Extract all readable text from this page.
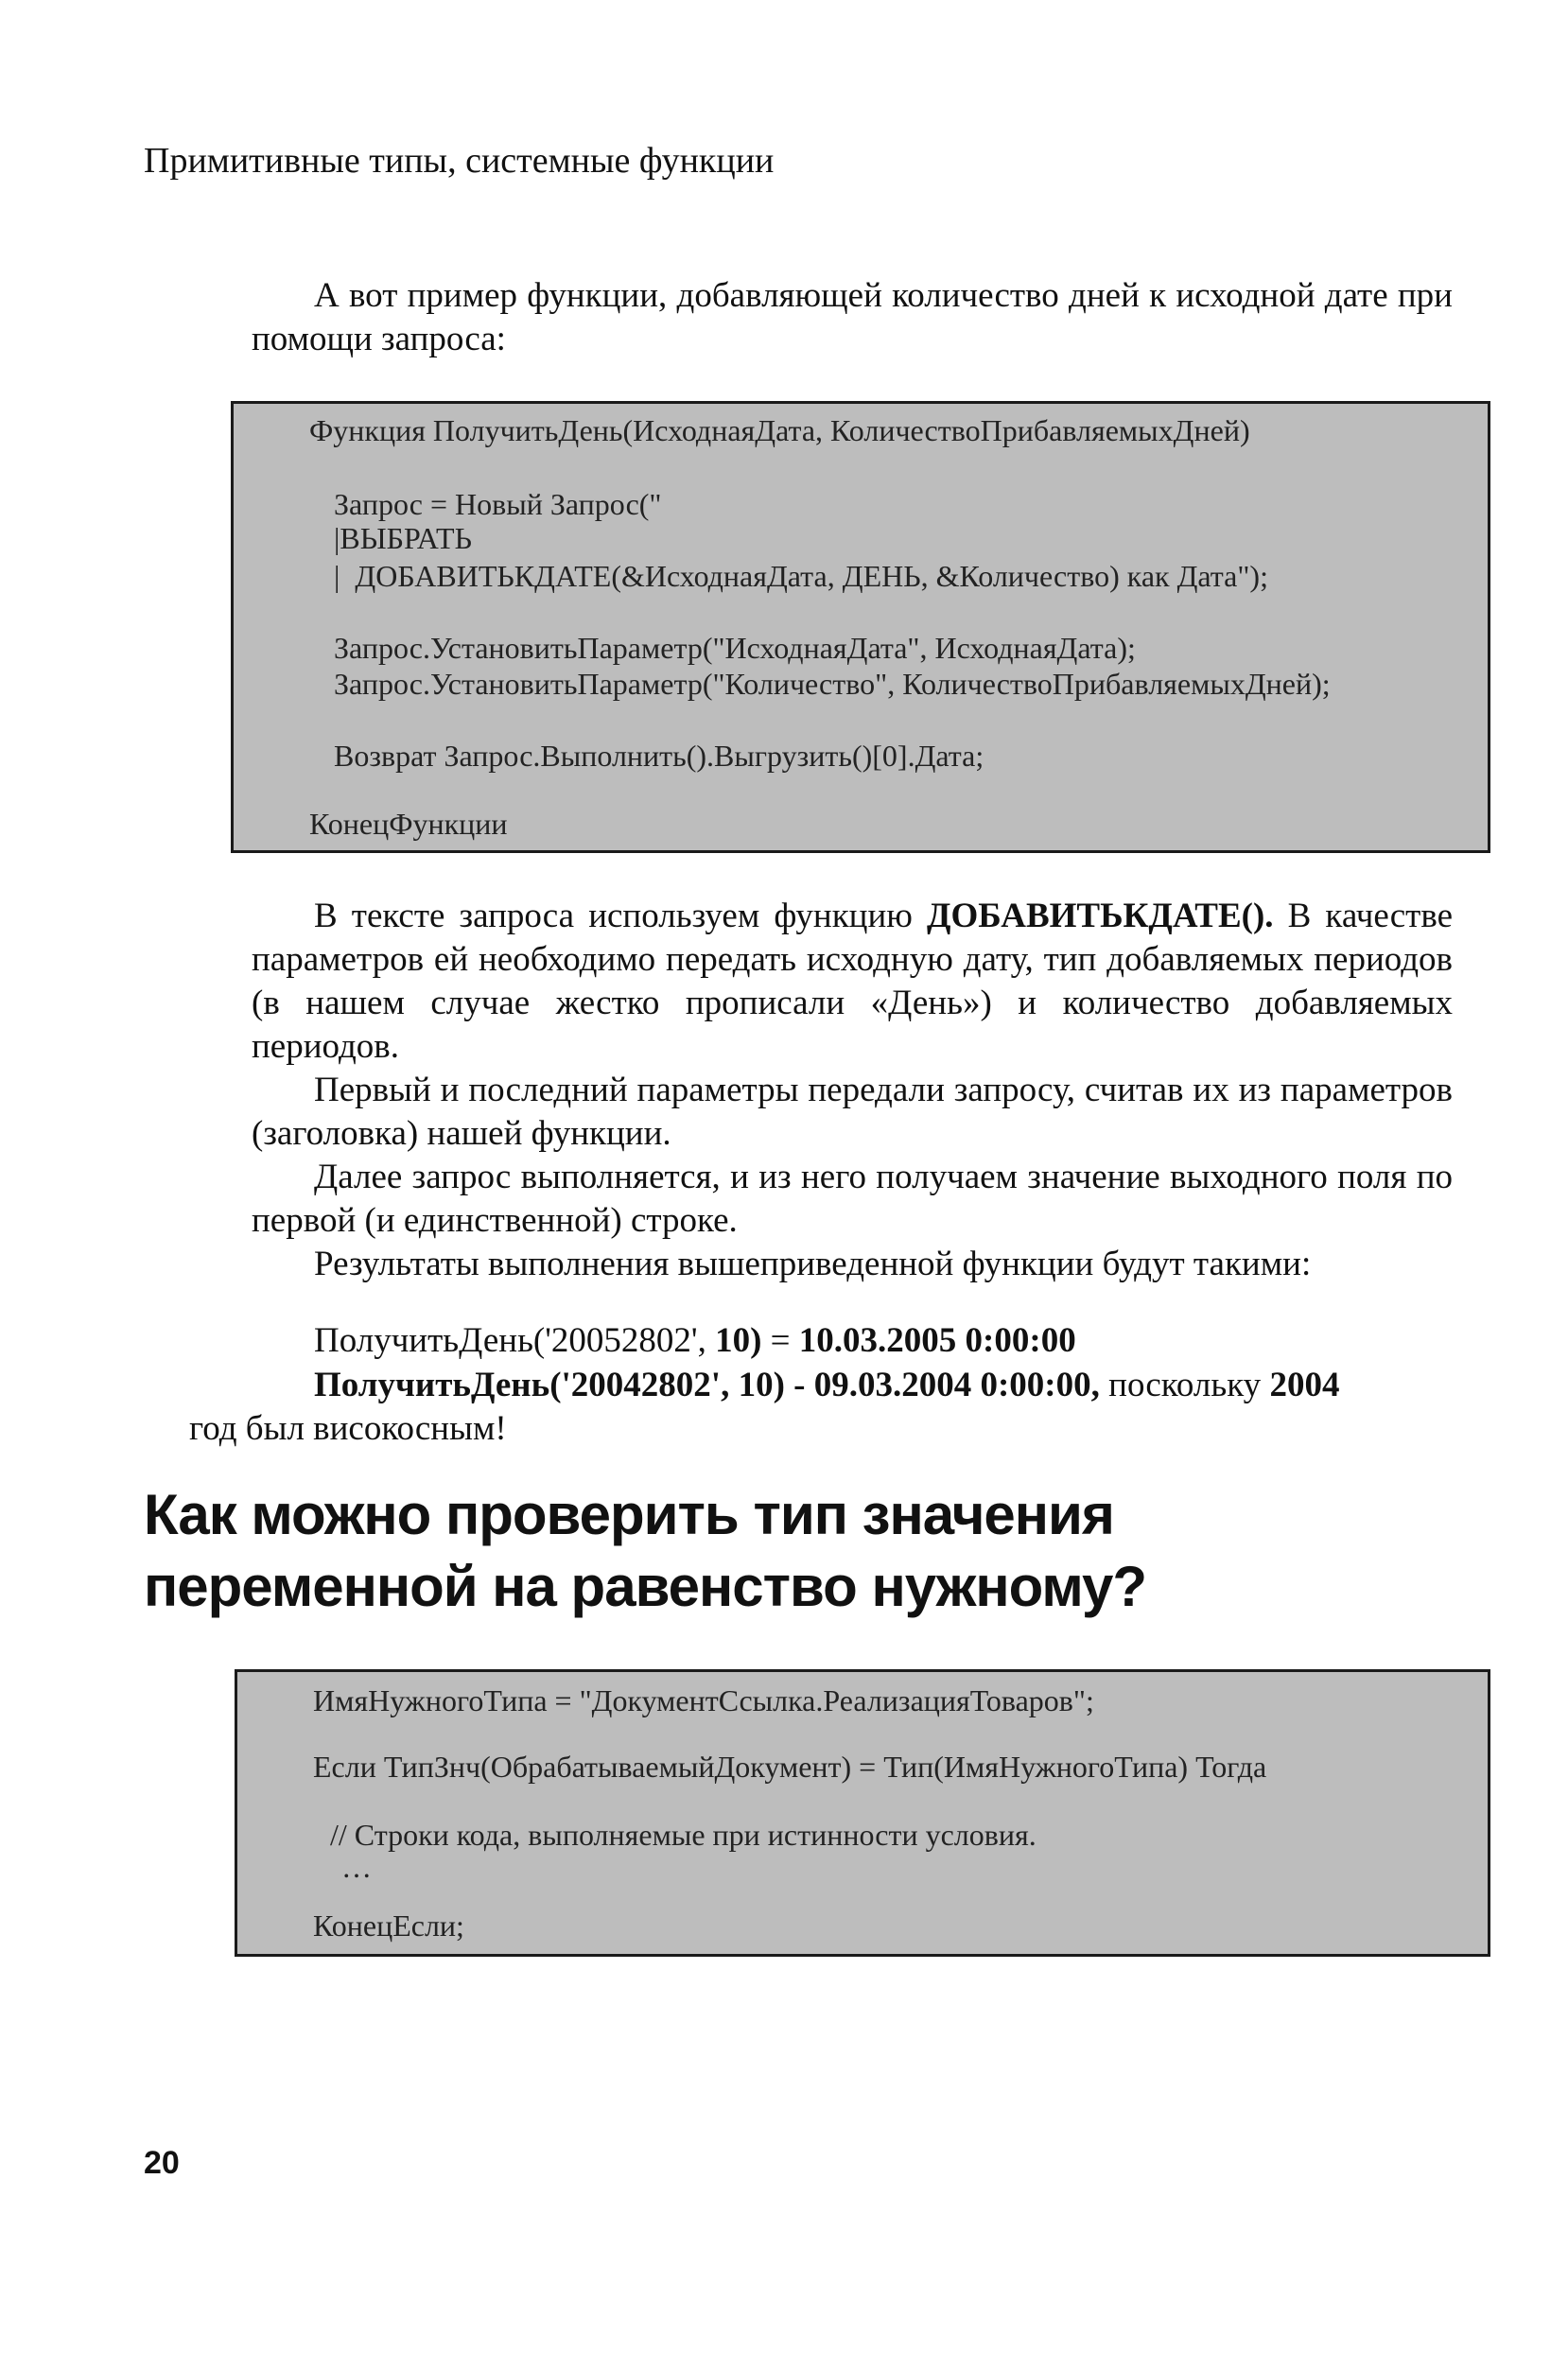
Примитивные типы, системные функции

А вот пример функции, добавляющей количество дней к исходной дате при помощи запроса:

Функция ПолучитьДень(ИсходнаяДата, КоличествоПрибавляемыхДней)
Запрос = Новый Запрос("
|ВЫБРАТЬ
|  ДОБАВИТЬКДАТЕ(&ИсходнаяДата, ДЕНЬ, &Количество) как Дата");
Запрос.УстановитьПараметр("ИсходнаяДата", ИсходнаяДата);
Запрос.УстановитьПараметр("Количество", КоличествоПрибавляемыхДней);
Возврат Запрос.Выполнить().Выгрузить()[0].Дата;
КонецФункции

В тексте запроса используем функцию ДОБАВИТЬКДАТЕ(). В качестве параметров ей необходимо передать исходную дату, тип добавляемых периодов (в нашем случае жестко прописали «День») и количество добавляемых периодов.

Первый и последний параметры передали запросу, считав их из параметров (заголовка) нашей функции.

Далее запрос выполняется, и из него получаем значение выходного поля по первой (и единственной) строке.

Результаты выполнения вышеприведенной функции будут такими:

ПолучитьДень('20052802', 10) = 10.03.2005 0:00:00

ПолучитьДень('20042802', 10) - 09.03.2004 0:00:00, поскольку 2004
год был високосным!

Как можно проверить тип значения переменной на равенство нужному?
ИмяНужногоТипа = "ДокументСсылка.РеализацияТоваров";
Если ТипЗнч(ОбрабатываемыйДокумент) = Тип(ИмяНужногоТипа) Тогда
// Строки кода, выполняемые при истинности условия.
…
КонецЕсли;
20
